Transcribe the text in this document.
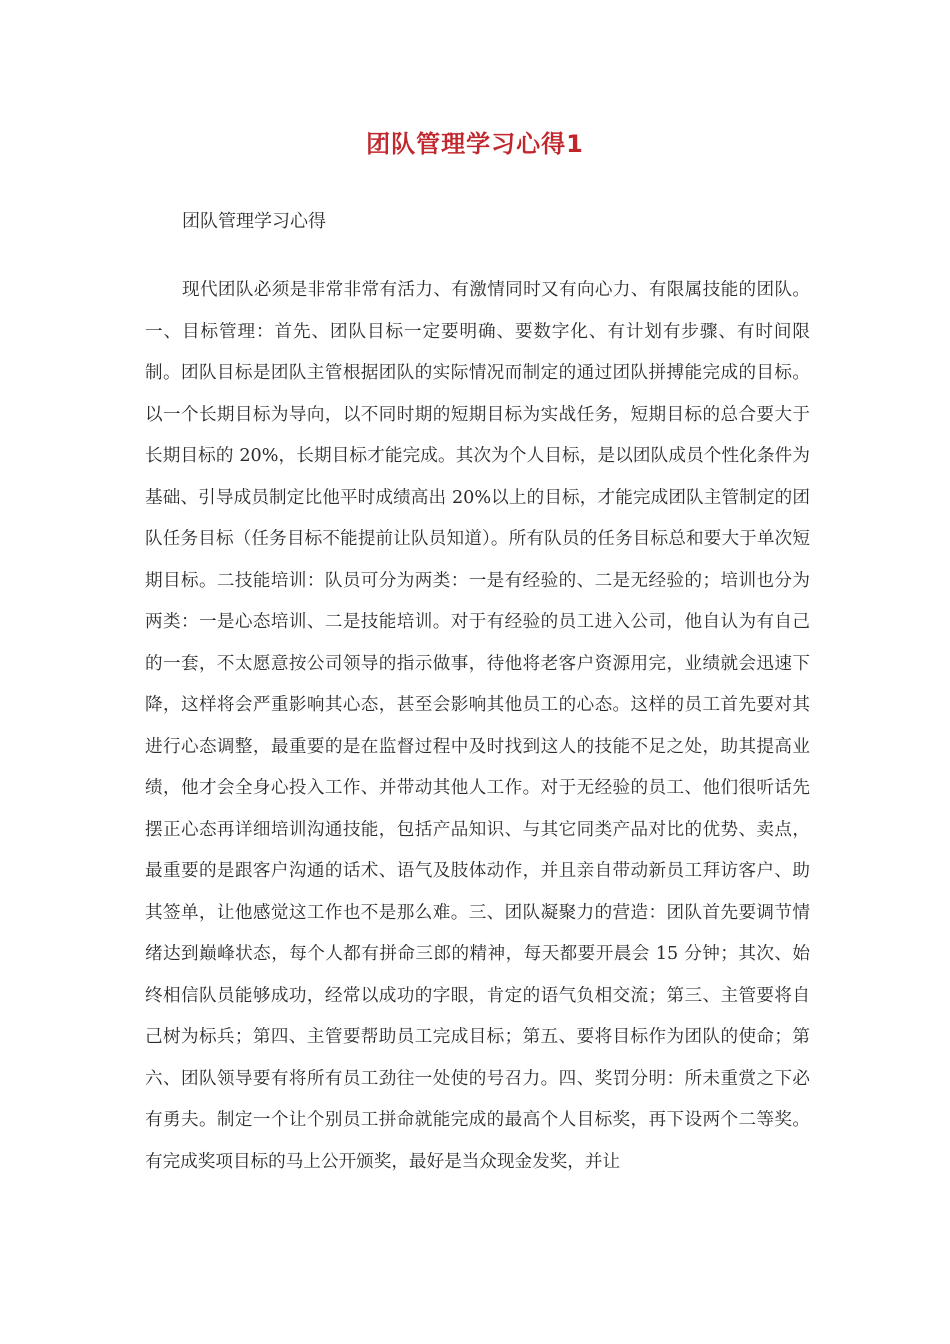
团队管理学习心得1
团队管理学习心得

现代团队必须是非常非常有活力、有激情同时又有向心力、有限属技能的团队。一、目标管理：首先、团队目标一定要明确、要数字化、有计划有步骤、有时间限制。团队目标是团队主管根据团队的实际情况而制定的通过团队拼搏能完成的目标。以一个长期目标为导向，以不同时期的短期目标为实战任务，短期目标的总合要大于长期目标的 20%，长期目标才能完成。其次为个人目标，是以团队成员个性化条件为基础、引导成员制定比他平时成绩高出 20%以上的目标，才能完成团队主管制定的团队任务目标（任务目标不能提前让队员知道）。所有队员的任务目标总和要大于单次短期目标。二技能培训：队员可分为两类：一是有经验的、二是无经验的；培训也分为两类：一是心态培训、二是技能培训。对于有经验的员工进入公司，他自认为有自己的一套，不太愿意按公司领导的指示做事，待他将老客户资源用完，业绩就会迅速下降，这样将会严重影响其心态，甚至会影响其他员工的心态。这样的员工首先要对其进行心态调整，最重要的是在监督过程中及时找到这人的技能不足之处，助其提高业绩，他才会全身心投入工作、并带动其他人工作。对于无经验的员工、他们很听话先摆正心态再详细培训沟通技能，包括产品知识、与其它同类产品对比的优势、卖点，最重要的是跟客户沟通的话术、语气及肢体动作，并且亲自带动新员工拜访客户、助其签单，让他感觉这工作也不是那么难。三、团队凝聚力的营造：团队首先要调节情绪达到巅峰状态，每个人都有拼命三郎的精神，每天都要开晨会 15 分钟；其次、始终相信队员能够成功，经常以成功的字眼，肯定的语气负相交流；第三、主管要将自己树为标兵；第四、主管要帮助员工完成目标；第五、要将目标作为团队的使命；第六、团队领导要有将所有员工劲往一处使的号召力。四、奖罚分明：所未重赏之下必有勇夫。制定一个让个别员工拼命就能完成的最高个人目标奖，再下设两个二等奖。有完成奖项目标的马上公开颁奖，最好是当众现金发奖，并让
